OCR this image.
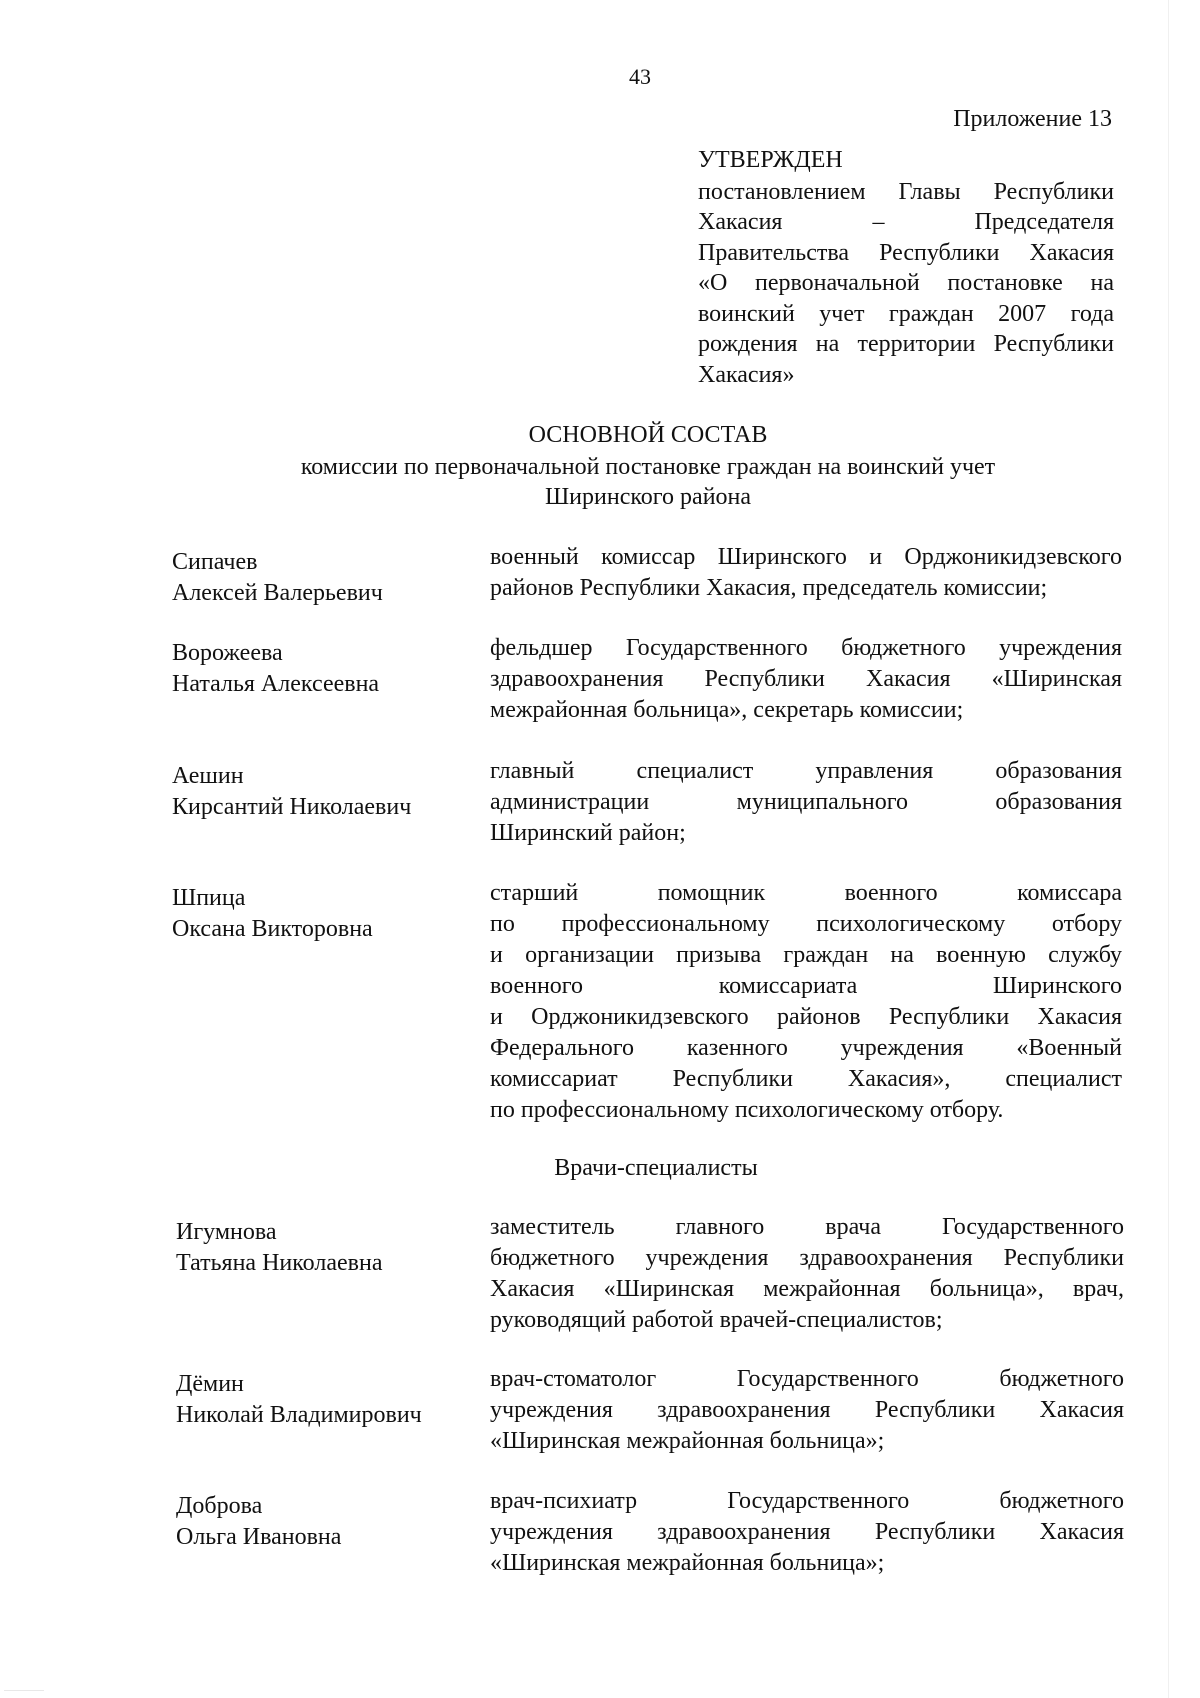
43
Приложение 13
УТВЕРЖДЕН
постановлением Главы Республики
Хакасия – Председателя
Правительства Республики Хакасия
«О первоначальной постановке на
воинский учет граждан 2007 года
рождения на территории Республики
Хакасия»
ОСНОВНОЙ СОСТАВ
комиссии по первоначальной постановке граждан на воинский учет
Ширинского района
Сипачев
Алексей Валерьевич
военный комиссар Ширинского и Орджоникидзевского
районов Республики Хакасия, председатель комиссии;
Ворожеева
Наталья Алексеевна
фельдшер Государственного бюджетного учреждения
здравоохранения Республики Хакасия «Ширинская
межрайонная больница», секретарь комиссии;
Аешин
Кирсантий Николаевич
главный специалист управления образования
администрации муниципального образования
Ширинский район;
Шпица
Оксана Викторовна
старший помощник военного комиссара
по профессиональному психологическому отбору
и организации призыва граждан на военную службу
военного комиссариата Ширинского
и Орджоникидзевского районов Республики Хакасия
Федерального казенного учреждения «Военный
комиссариат Республики Хакасия», специалист
по профессиональному психологическому отбору.
Врачи-специалисты
Игумнова
Татьяна Николаевна
заместитель главного врача Государственного
бюджетного учреждения здравоохранения Республики
Хакасия «Ширинская межрайонная больница», врач,
руководящий работой врачей-специалистов;
Дёмин
Николай Владимирович
врач-стоматолог Государственного бюджетного
учреждения здравоохранения Республики Хакасия
«Ширинская межрайонная больница»;
Доброва
Ольга Ивановна
врач-психиатр Государственного бюджетного
учреждения здравоохранения Республики Хакасия
«Ширинская межрайонная больница»;
